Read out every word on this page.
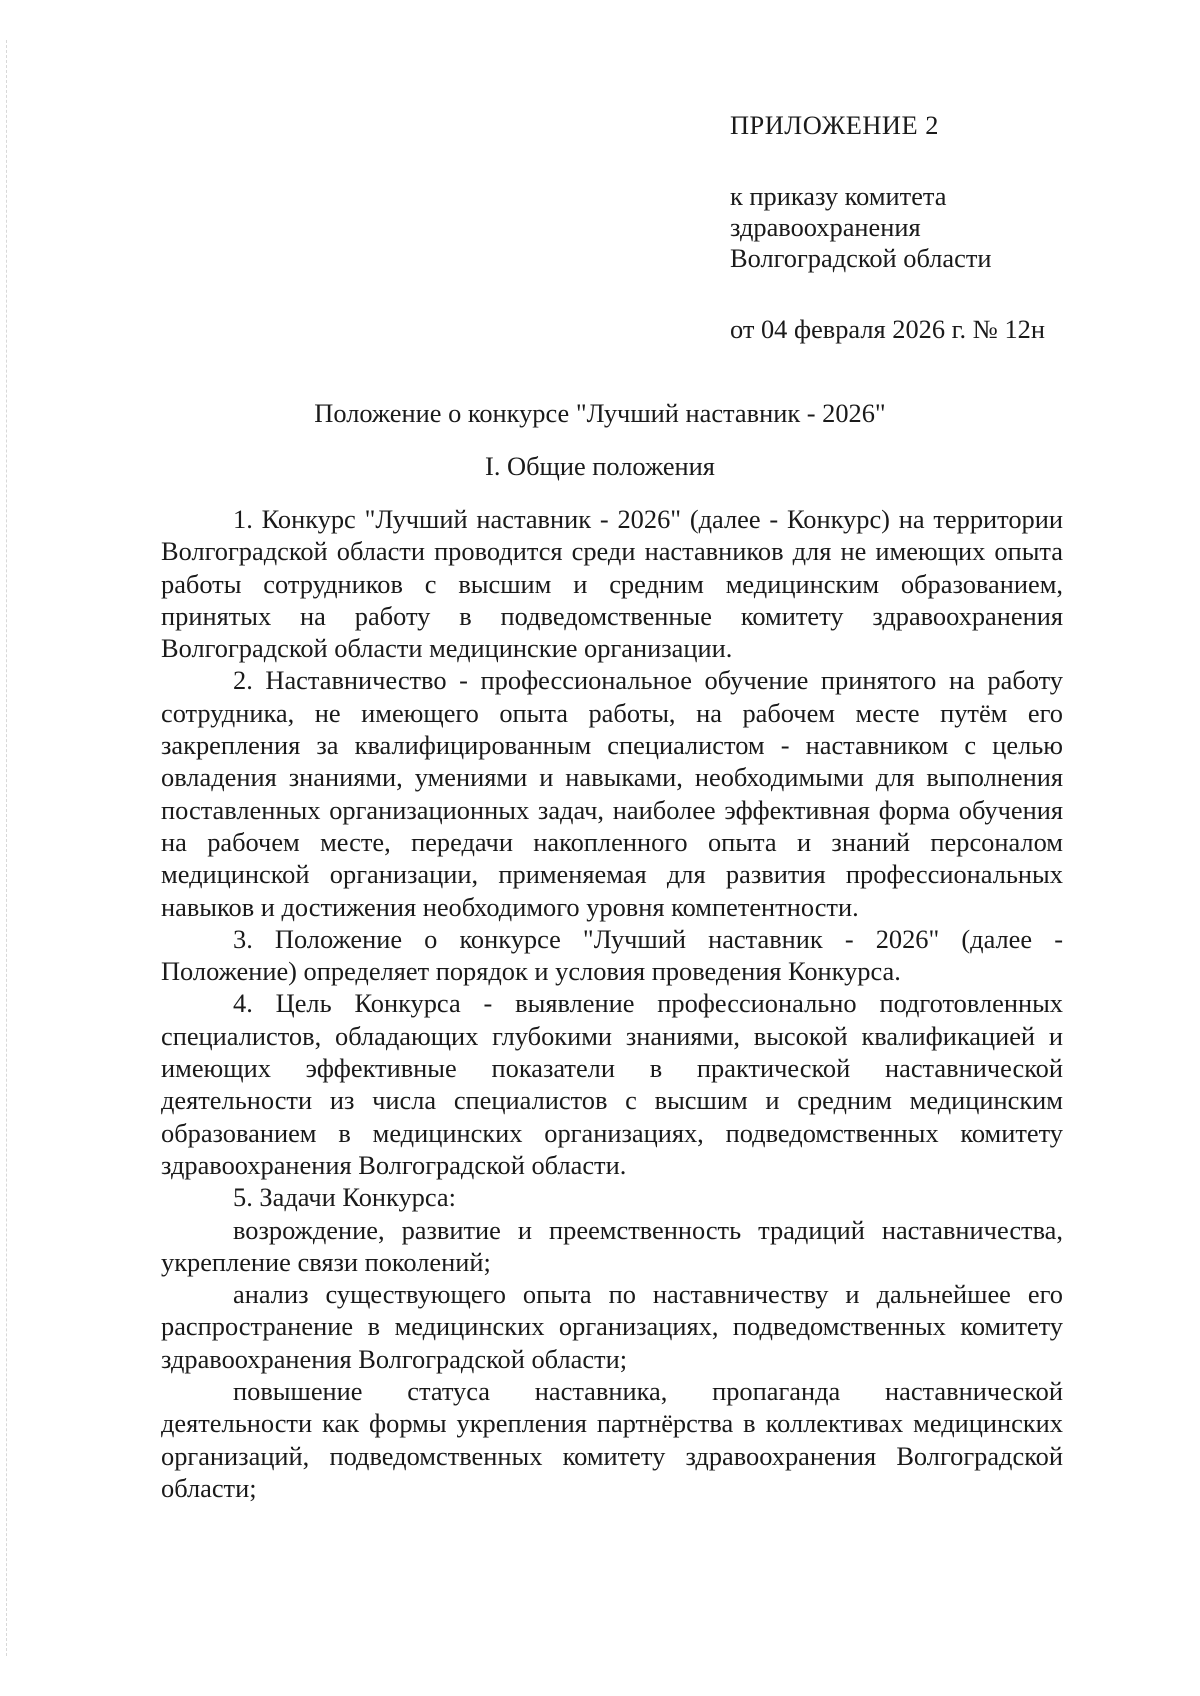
ПРИЛОЖЕНИЕ 2

к приказу комитета

здравоохранения

Волгоградской области

от 04 февраля 2026 г. № 12н

Положение о конкурсе "Лучший наставник - 2026"
I. Общие положения

1. Конкурс "Лучший наставник - 2026" (далее - Конкурс) на территории Волгоградской области проводится среди наставников для не имеющих опыта работы сотрудников с высшим и средним медицинским образованием, принятых на работу в подведомственные комитету здравоохранения Волгоградской области медицинские организации.

2. Наставничество - профессиональное обучение принятого на работу сотрудника, не имеющего опыта работы, на рабочем месте путём его закрепления за квалифицированным специалистом - наставником с целью овладения знаниями, умениями и навыками, необходимыми для выполнения поставленных организационных задач, наиболее эффективная форма обучения на рабочем месте, передачи накопленного опыта и знаний персоналом медицинской организации, применяемая для развития профессиональных навыков и достижения необходимого уровня компетентности.

3. Положение о конкурсе "Лучший наставник - 2026" (далее - Положение) определяет порядок и условия проведения Конкурса.

4. Цель Конкурса - выявление профессионально подготовленных специалистов, обладающих глубокими знаниями, высокой квалификацией и имеющих эффективные показатели в практической наставнической деятельности из числа специалистов с высшим и средним медицинским образованием в медицинских организациях, подведомственных комитету здравоохранения Волгоградской области.

5. Задачи Конкурса:

возрождение, развитие и преемственность традиций наставничества, укрепление связи поколений;

анализ существующего опыта по наставничеству и дальнейшее его распространение в медицинских организациях, подведомственных комитету здравоохранения Волгоградской области;

повышение статуса наставника, пропаганда наставнической деятельности как формы укрепления партнёрства в коллективах медицинских организаций, подведомственных комитету здравоохранения Волгоградской области;
